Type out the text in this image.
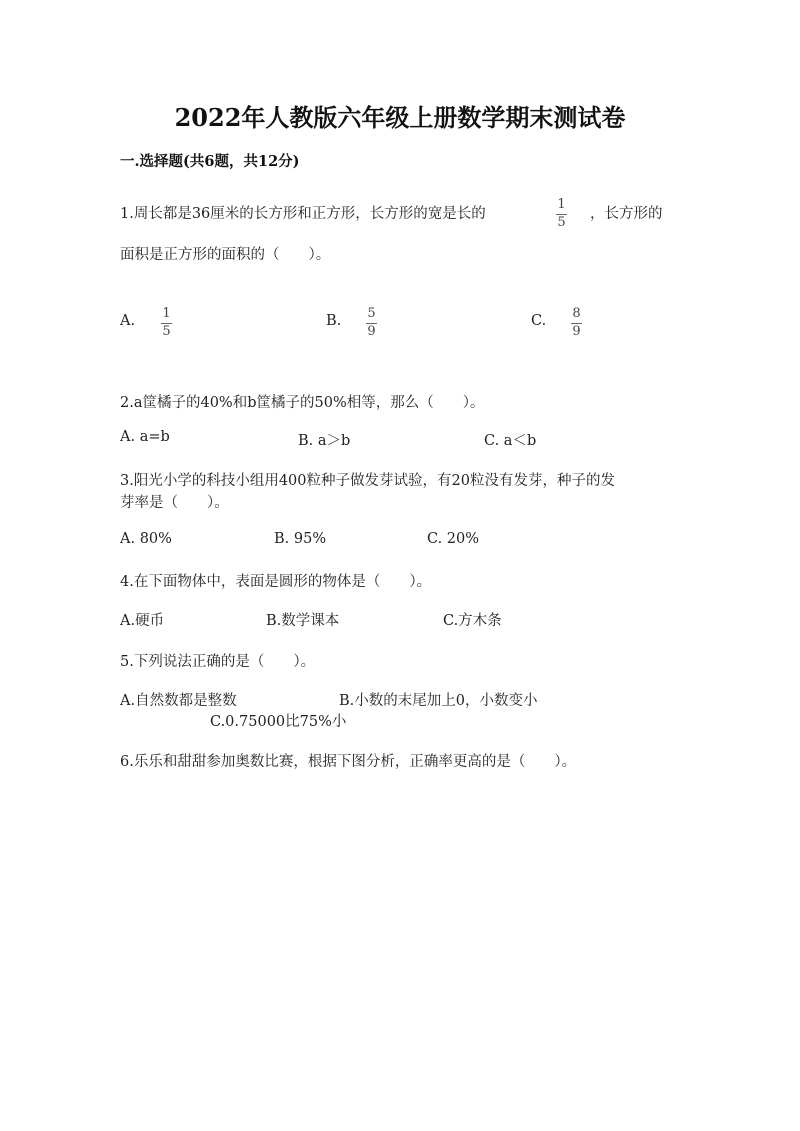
2022年人教版六年级上册数学期末测试卷
一.选择题(共6题，共12分)
1.周长都是36厘米的长方形和正方形，长方形的宽是长的
1
5
，长方形的
面积是正方形的面积的（　　）。
A. 1
5
B. 5
9
C. 8
9
2.a筐橘子的40%和b筐橘子的50%相等，那么（　　）。
A. a=b	B. a＞b	C. a＜b
3.阳光小学的科技小组用400粒种子做发芽试验，有20粒没有发芽，种子的发
芽率是（　　）。
A. 80%	B. 95%	C. 20%
4.在下面物体中，表面是圆形的物体是（　　）。
A.硬币	B.数学课本	C.方木条
5.下列说法正确的是（　　）。
A.自然数都是整数	B.小数的末尾加上0，小数变小
C.0.75000比75%小
6.乐乐和甜甜参加奥数比赛，根据下图分析，正确率更高的是（　　）。
